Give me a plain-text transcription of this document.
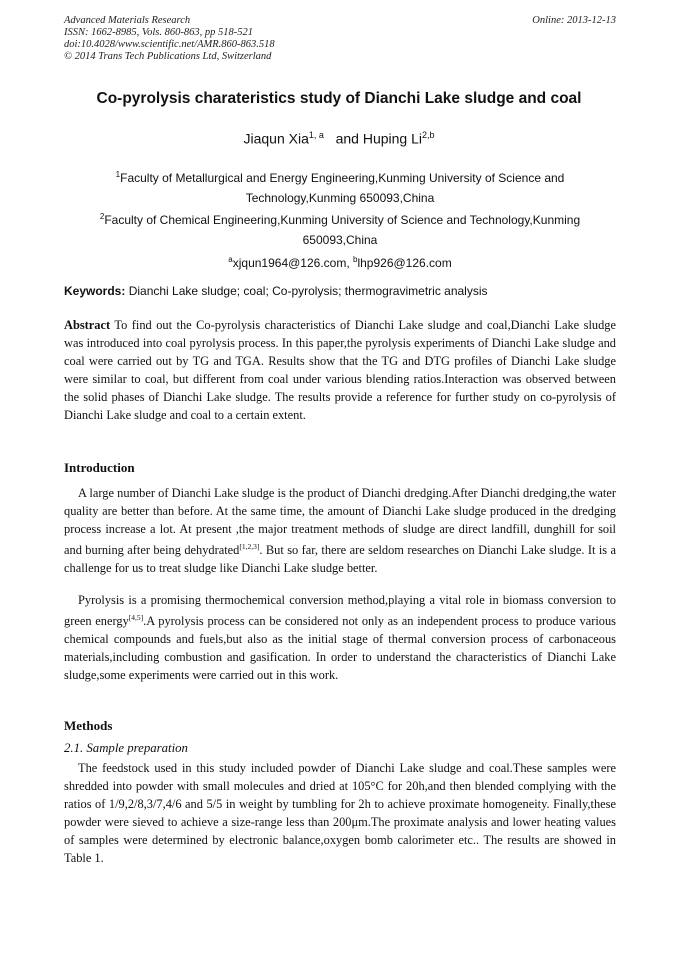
Advanced Materials Research
ISSN: 1662-8985, Vols. 860-863, pp 518-521
doi:10.4028/www.scientific.net/AMR.860-863.518
© 2014 Trans Tech Publications Ltd, Switzerland
Online: 2013-12-13
Co-pyrolysis charateristics study of Dianchi Lake sludge and coal
Jiaqun Xia$^{1, a}$ and Huping Li$^{2,b}$
$^1$Faculty of Metallurgical and Energy Engineering,Kunming University of Science and Technology,Kunming 650093,China
$^2$Faculty of Chemical Engineering,Kunming University of Science and Technology,Kunming 650093,China
$^a$xjqun1964@126.com, $^b$lhp926@126.com
Keywords: Dianchi Lake sludge; coal; Co-pyrolysis; thermogravimetric analysis
Abstract To find out the Co-pyrolysis characteristics of Dianchi Lake sludge and coal,Dianchi Lake sludge was introduced into coal pyrolysis process. In this paper,the pyrolysis experiments of Dianchi Lake sludge and coal were carried out by TG and TGA. Results show that the TG and DTG profiles of Dianchi Lake sludge were similar to coal, but different from coal under various blending ratios.Interaction was observed between the solid phases of Dianchi Lake sludge. The results provide a reference for further study on co-pyrolysis of Dianchi Lake sludge and coal to a certain extent.
Introduction
A large number of Dianchi Lake sludge is the product of Dianchi dredging.After Dianchi dredging,the water quality are better than before. At the same time, the amount of Dianchi Lake sludge produced in the dredging process increase a lot. At present ,the major treatment methods of sludge are direct landfill, dunghill for soil and burning after being dehydrated[1,2,3]. But so far, there are seldom researches on Dianchi Lake sludge. It is a challenge for us to treat sludge like Dianchi Lake sludge better.
Pyrolysis is a promising thermochemical conversion method,playing a vital role in biomass conversion to green energy[4,5].A pyrolysis process can be considered not only as an independent process to produce various chemical compounds and fuels,but also as the initial stage of thermal conversion process of carbonaceous materials,including combustion and gasification. In order to understand the characteristics of Dianchi Lake sludge,some experiments were carried out in this work.
Methods
2.1. Sample preparation
The feedstock used in this study included powder of Dianchi Lake sludge and coal.These samples were shredded into powder with small molecules and dried at 105°C for 20h,and then blended complying with the ratios of 1/9,2/8,3/7,4/6 and 5/5 in weight by tumbling for 2h to achieve proximate homogeneity. Finally,these powder were sieved to achieve a size-range less than 200μm.The proximate analysis and lower heating values of samples were determined by electronic balance,oxygen bomb calorimeter etc.. The results are showed in Table 1.
